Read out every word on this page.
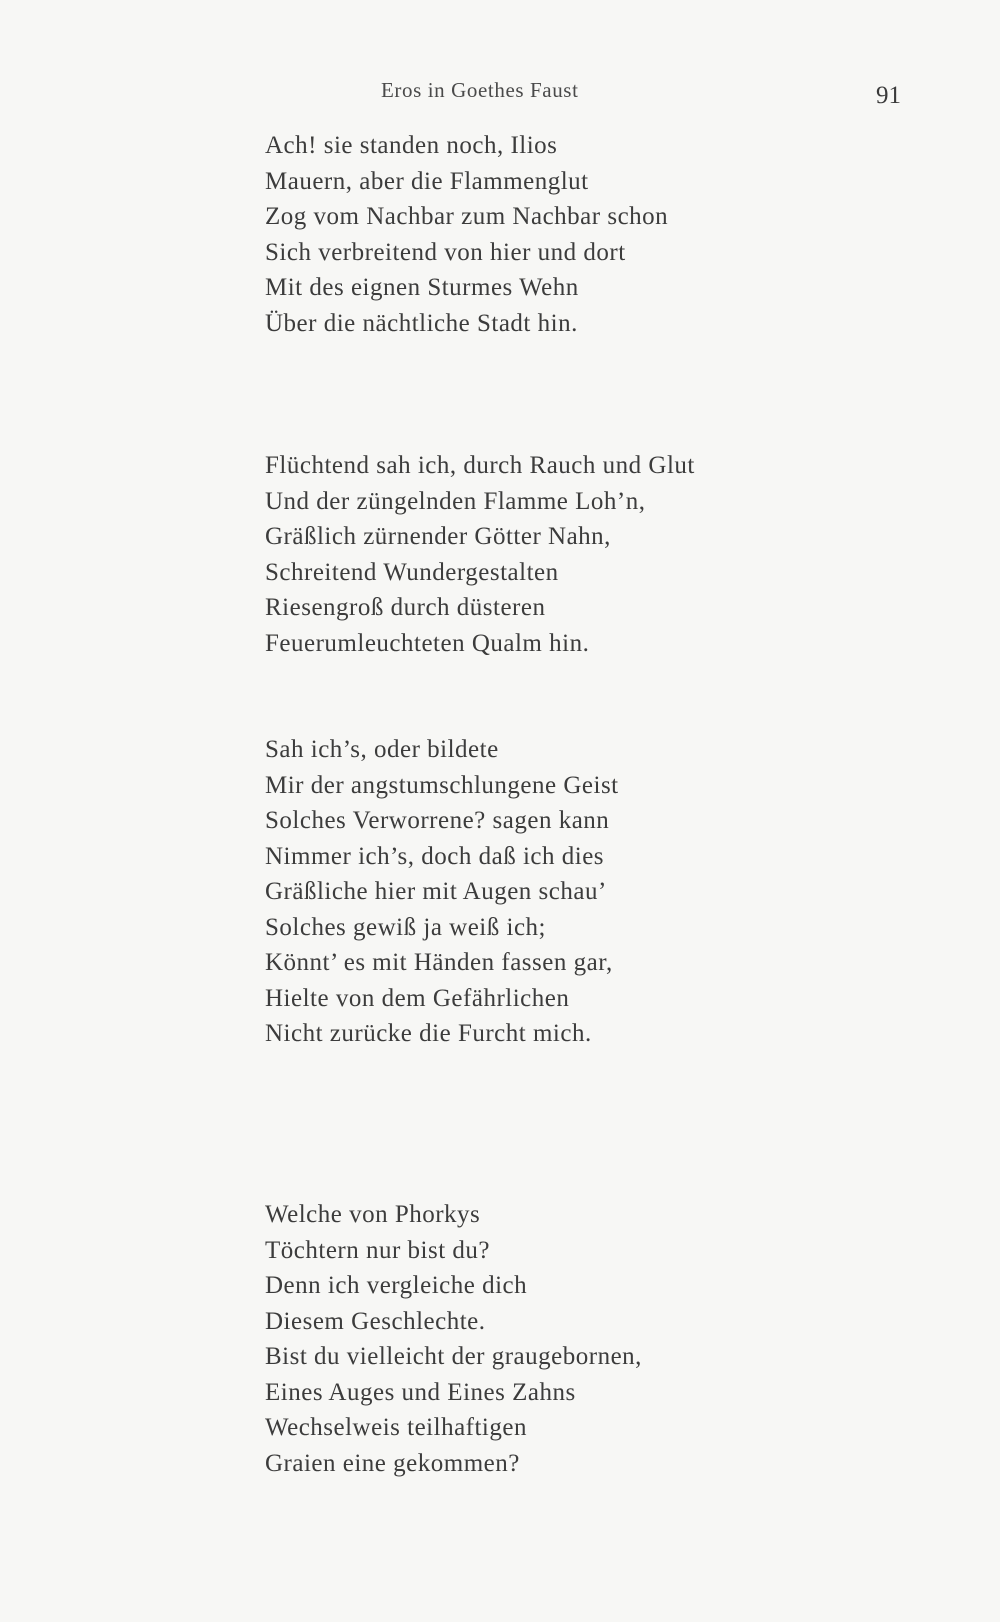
Eros in Goethes Faust	91
Ach! sie standen noch, Ilios
Mauern, aber die Flammenglut
Zog vom Nachbar zum Nachbar schon
Sich verbreitend von hier und dort
Mit des eignen Sturmes Wehn
Über die nächtliche Stadt hin.
Flüchtend sah ich, durch Rauch und Glut
Und der züngelnden Flamme Loh’n,
Gräßlich zürnender Götter Nahn,
Schreitend Wundergestalten
Riesengroß durch düsteren
Feuerumleuchteten Qualm hin.
Sah ich’s, oder bildete
Mir der angstumschlungene Geist
Solches Verworrene? sagen kann
Nimmer ich’s, doch daß ich dies
Gräßliche hier mit Augen schau’
Solches gewiß ja weiß ich;
Könnt’ es mit Händen fassen gar,
Hielte von dem Gefährlichen
Nicht zurücke die Furcht mich.
Welche von Phorkys
Töchtern nur bist du?
Denn ich vergleiche dich
Diesem Geschlechte.
Bist du vielleicht der graugebornen,
Eines Auges und Eines Zahns
Wechselweis teilhaftigen
Graien eine gekommen?
